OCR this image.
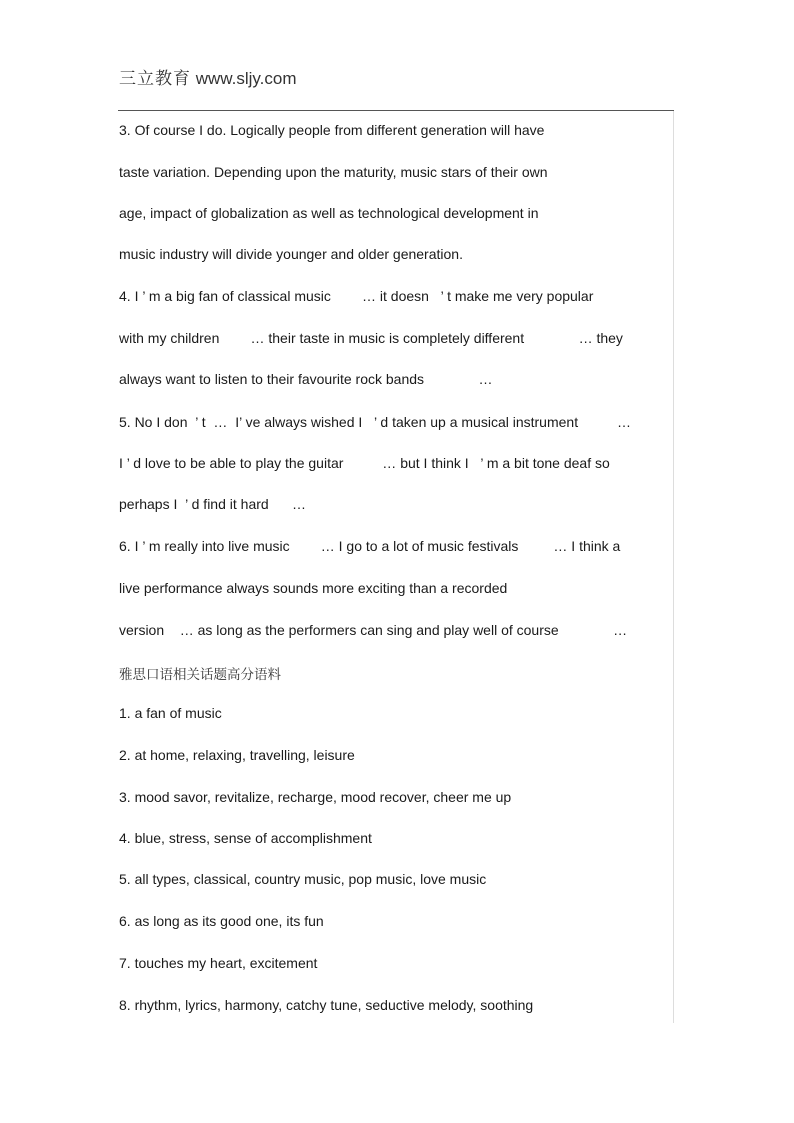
三立教育 www.sljy.com
3. Of course I do. Logically people from different generation will have
taste variation. Depending upon the maturity, music stars of their own
age, impact of globalization as well as technological development in
music industry will divide younger and older generation.
4. I ’ m a big fan of classical music        … it doesn   ’ t make me very popular
with my children        … their taste in music is completely different              … they
always want to listen to their favourite rock bands              …
5. No I don  ’ t  …  I’ ve always wished I   ’ d taken up a musical instrument          …
I ’ d love to be able to play the guitar          … but I think I   ’ m a bit tone deaf so
perhaps I  ’ d find it hard      …
6. I ’ m really into live music        … I go to a lot of music festivals         … I think a
live performance always sounds more exciting than a recorded
version    … as long as the performers can sing and play well of course              …
雅思口语相关话题高分语料
1. a fan of music
2. at home, relaxing, travelling, leisure
3. mood savor, revitalize, recharge, mood recover, cheer me up
4. blue, stress, sense of accomplishment
5. all types, classical, country music, pop music, love music
6. as long as its good one, its fun
7. touches my heart, excitement
8. rhythm, lyrics, harmony, catchy tune, seductive melody, soothing
